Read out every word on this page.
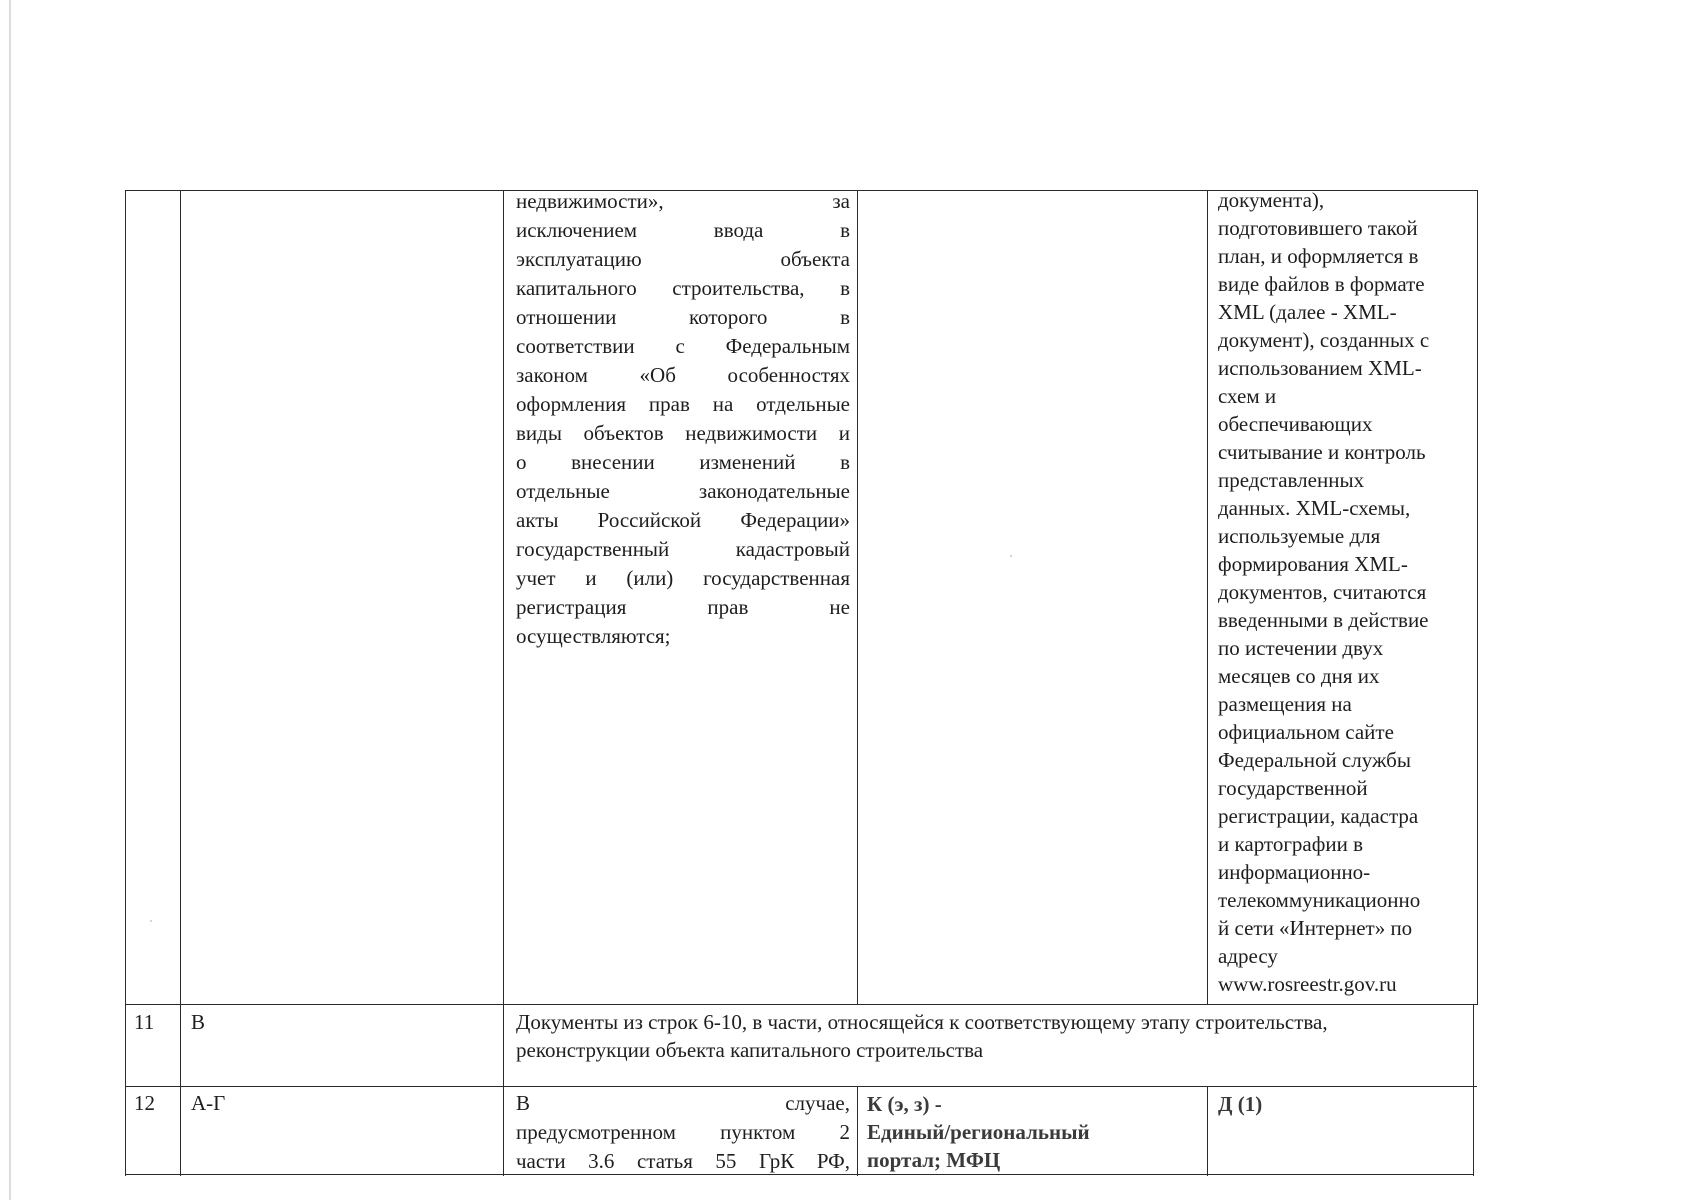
недвижимости», за
исключением ввода в
эксплуатацию объекта
капитального строительства, в
отношении которого в
соответствии с Федеральным
законом «Об особенностях
оформления прав на отдельные
виды объектов недвижимости и
о внесении изменений в
отдельные законодательные
акты Российской Федерации»
государственный кадастровый
учет и (или) государственная
регистрация прав не
осуществляются;
документа),
подготовившего такой
план, и оформляется в
виде файлов в формате
XML (далее - XML-
документ), созданных с
использованием XML-
схем и
обеспечивающих
считывание и контроль
представленных
данных. XML-схемы,
используемые для
формирования XML-
документов, считаются
введенными в действие
по истечении двух
месяцев со дня их
размещения на
официальном сайте
Федеральной службы
государственной
регистрации, кадастра
и картографии в
информационно-
телекоммуникационно
й сети «Интернет» по
адресу
www.rosreestr.gov.ru
11 В	Документы из строк 6-10, в части, относящейся к соответствующему этапу строительства,
реконструкции объекта капитального строительства
12 А-Г	В случае,
предусмотренном пунктом 2
части 3.6 статья 55 ГрК РФ,
К (э, з) -
Единый/региональный
портал; МФЦ
Д (1)
